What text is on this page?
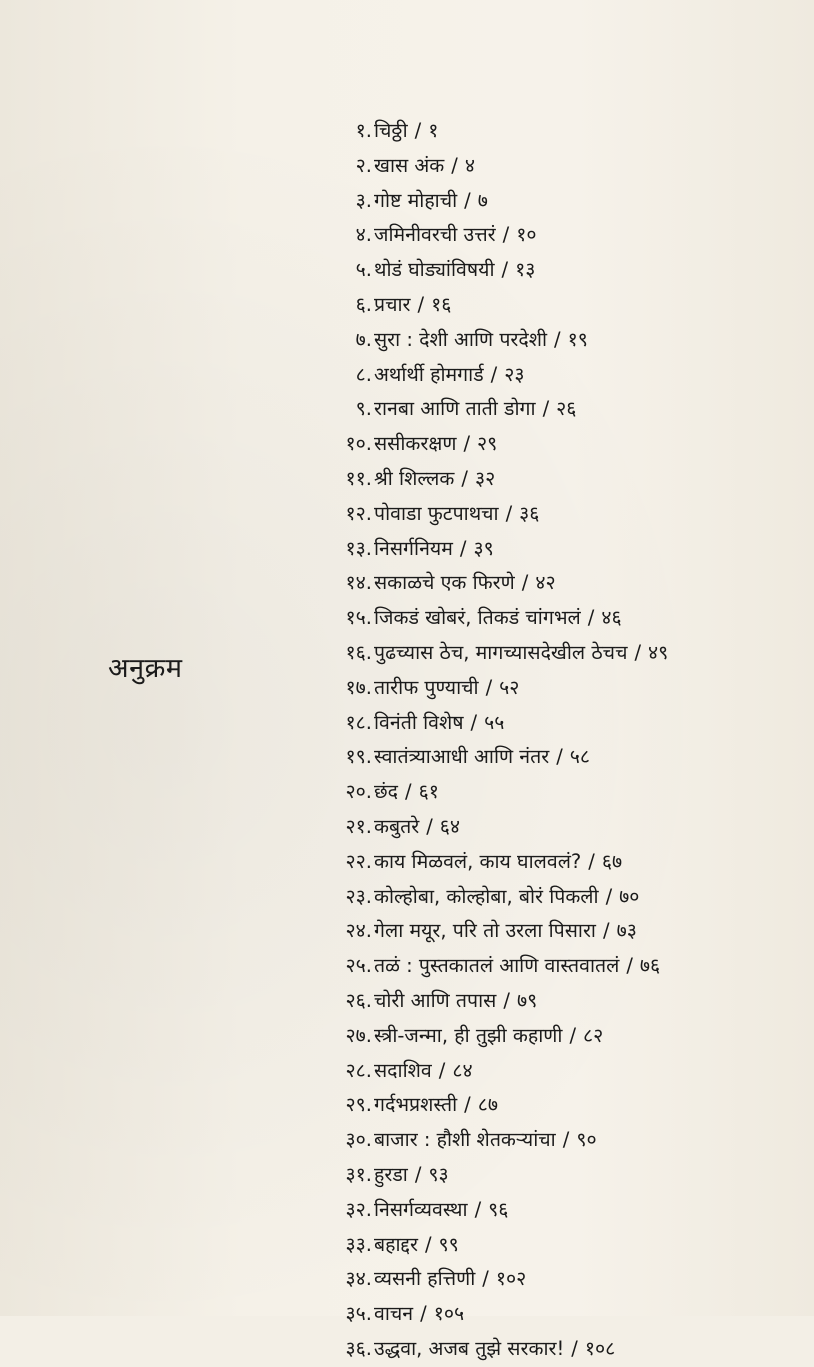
अनुक्रम
१. चिठ्ठी / १
२. खास अंक / ४
३. गोष्ट मोहाची / ७
४. जमिनीवरची उत्तरं / १०
५. थोडं घोड्यांविषयी / १३
६. प्रचार / १६
७. सुरा : देशी आणि परदेशी / १९
८. अर्थार्थी होमगार्ड / २३
९. रानबा आणि ताती डोगा / २६
१०. ससीकरक्षण / २९
११. श्री शिल्लक / ३२
१२. पोवाडा फुटपाथचा / ३६
१३. निसर्गनियम / ३९
१४. सकाळचे एक फिरणे / ४२
१५. जिकडं खोबरं, तिकडं चांगभलं / ४६
१६. पुढच्यास ठेच, मागच्यासदेखील ठेचच / ४९
१७. तारीफ पुण्याची / ५२
१८. विनंती विशेष / ५५
१९. स्वातंत्र्याआधी आणि नंतर / ५८
२०. छंद / ६१
२१. कबुतरे / ६४
२२. काय मिळवलं, काय घालवलं? / ६७
२३. कोल्होबा, कोल्होबा, बोरं पिकली / ७०
२४. गेला मयूर, परि तो उरला पिसारा / ७३
२५. तळं : पुस्तकातलं आणि वास्तवातलं / ७६
२६. चोरी आणि तपास / ७९
२७. स्त्री-जन्मा, ही तुझी कहाणी / ८२
२८. सदाशिव / ८४
२९. गर्दभप्रशस्ती / ८७
३०. बाजार : हौशी शेतकऱ्यांचा / ९०
३१. हुरडा / ९३
३२. निसर्गव्यवस्था / ९६
३३. बहाद्दर / ९९
३४. व्यसनी हत्तिणी / १०२
३५. वाचन / १०५
३६. उद्धवा, अजब तुझे सरकार! / १०८
